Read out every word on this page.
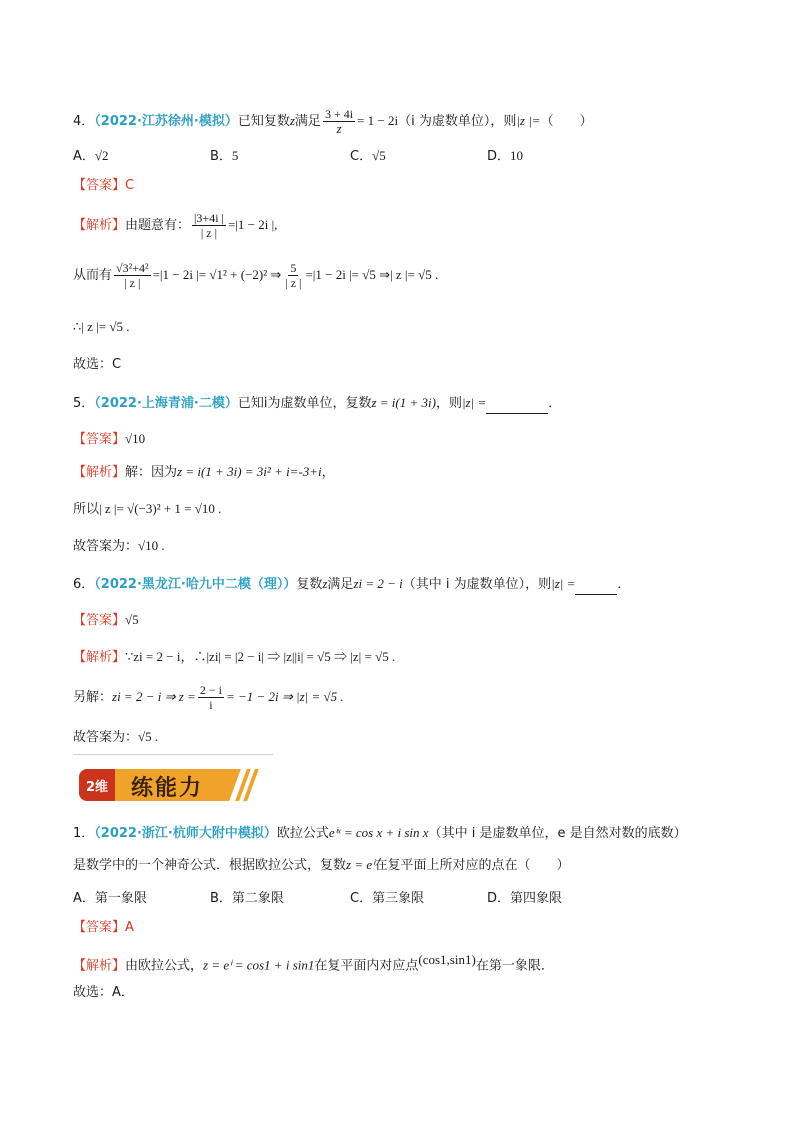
4．（2022·江苏徐州·模拟）已知复数z满足 $\frac{3 + 4i}{z} = 1 - 2i(i$ 为虚数单位），则|z |=（　　）
A．√2	B．5	C．√5	D．10
【答案】C
【解析】由题意有： $\frac{|3+4i |}{| z |} =|1 - 2i$ |,
从而有 $\frac{\text{√3²+4²}}{| z |} =|1 - 2i$ |= √1² + (−2)² ⇒ $\frac{5}{| z |} =|1 - 2i$ |= √5 ⇒| z |= √5 .
∴| z |= √5 .
故选：C
5．（2022·上海青浦·二模）已知i为虚数单位，复数z = i(1 + 3i)，则|z| =	．
【答案】√10
【解析】解：因为z = i(1 + 3i) = 3i² + i=-3+i，
所以| z |= √(−3)² + 1 = √10 .
故答案为：√10 .
6．（2022·黑龙江·哈九中二模（理））复数z满足zi = 2 − i（其中 i 为虚数单位），则|z| =	．
【答案】√5
【解析】∵zi = 2 − i，∴|zi| = |2 − i| ⇒ |z||i| = √5 ⇒ |z| = √5 .
另解：zi = 2 − i ⇒ $z = \frac{2 - i}{i} = -1 - 2i$ ⇒ |z| = √5 .
故答案为：√5 .
2维	练能力
1．（2022·浙江·杭师大附中模拟）欧拉公式eⁱˣ = cos x + i sin x（其中 i 是虚数单位，e 是自然对数的底数）
是数学中的一个神奇公式．根据欧拉公式，复数z = eⁱ在复平面上所对应的点在（　　）
A．第一象限	B．第二象限	C．第三象限	D．第四象限
【答案】A
【解析】由欧拉公式，z = eⁱ = cos1 + i sin1在复平面内对应点$^{(cos1,sin1)}$在第一象限．
故选：A．
